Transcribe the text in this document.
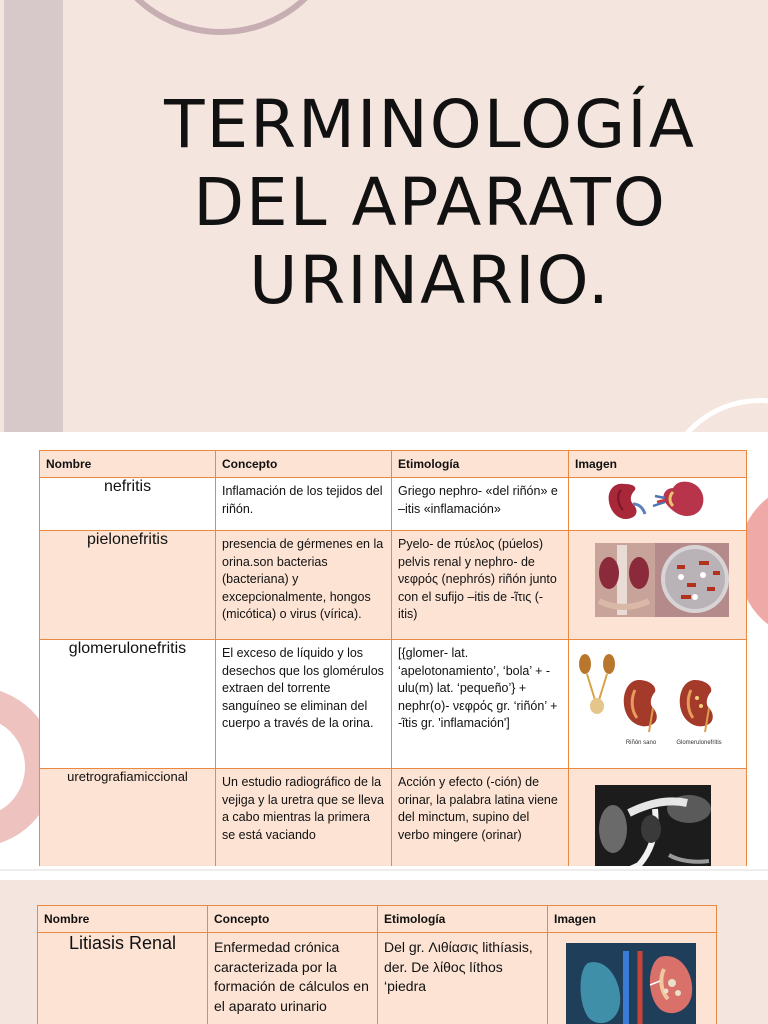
TERMINOLOGÍA
DEL APARATO
URINARIO.
Nombre	Concepto	Etimología	Imagen
nefritis	Inflamación de los tejidos del riñón.	Griego nephro- «del riñón» e –itis «inflamación»

pielonefritis	presencia de gérmenes en la orina.son bacterias (bacteriana) y excepcionalmente, hongos (micótica) o virus (vírica).	Pyelo- de πύελος (púelos) pelvis renal y nephro- de νεφρός (nephrós) riñón junto con el sufijo –itis de -ῖτις (-itis)

glomerulonefritis	El exceso de líquido y los desechos que los glomérulos extraen del torrente sanguíneo se eliminan del cuerpo a través de la orina.	[{glomer- lat. ‘apelotonamiento’, ‘bola’ + -ulu(m) lat. ‘pequeño’} + nephr(o)- νεφρός gr. ‘riñón’ + -ῖtis gr. 'inflamación']	Riñón sano Glomerulonefritis

uretrografiamiccional	Un estudio radiográfico de la vejiga y la uretra que se lleva a cabo mientras la primera se está vaciando	Acción y efecto (-ción) de orinar, la palabra latina viene del minctum, supino del verbo mingere (orinar)

Nombre	Concepto	Etimología	Imagen
Litiasis Renal	Enfermedad crónica caracterizada por la formación de cálculos en el aparato urinario	Del gr. Λιθίασις lithíasis, der. De λίθος líthos ‘piedra
